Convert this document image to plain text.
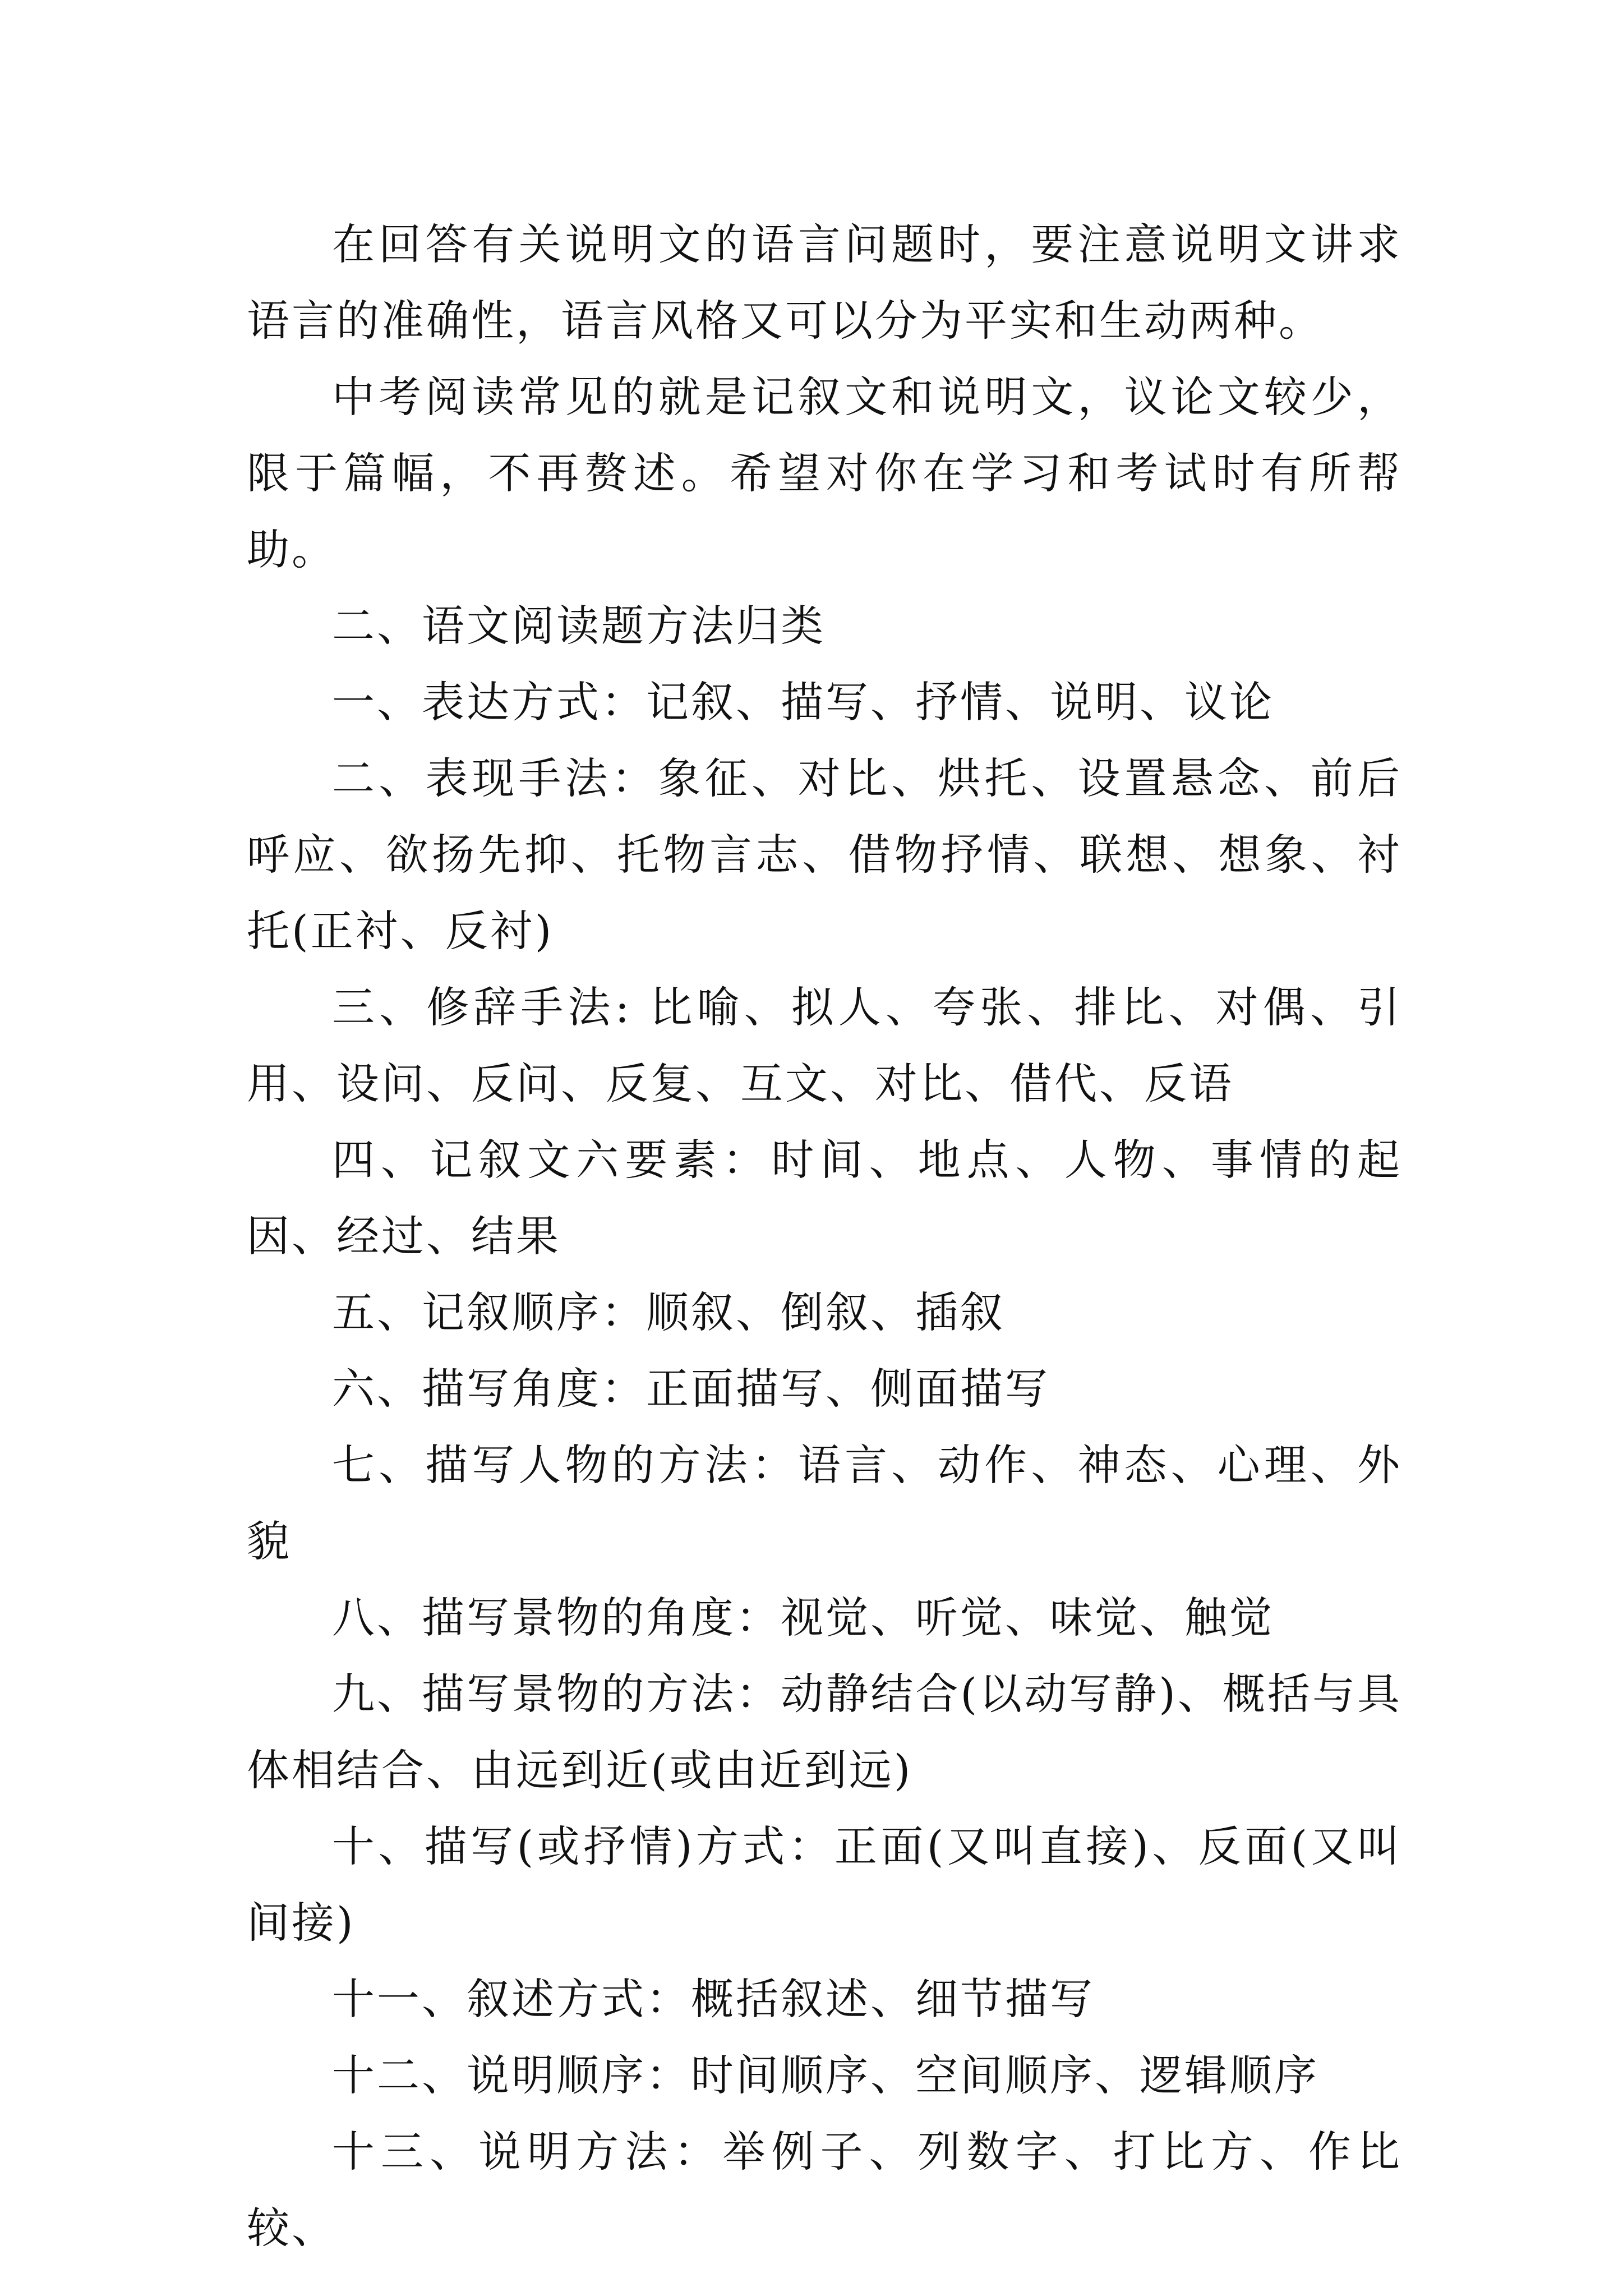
在回答有关说明文的语言问题时，要注意说明文讲求语言的准确性，语言风格又可以分为平实和生动两种。

中考阅读常见的就是记叙文和说明文，议论文较少，限于篇幅，不再赘述。希望对你在学习和考试时有所帮助。

二、语文阅读题方法归类

一、表达方式：记叙、描写、抒情、说明、议论

二、表现手法：象征、对比、烘托、设置悬念、前后呼应、欲扬先抑、托物言志、借物抒情、联想、想象、衬托(正衬、反衬)

三、修辞手法: 比喻、拟人、夸张、排比、对偶、引用、设问、反问、反复、互文、对比、借代、反语

四、记叙文六要素：时间、地点、人物、事情的起因、经过、结果

五、记叙顺序：顺叙、倒叙、插叙

六、描写角度：正面描写、侧面描写

七、描写人物的方法：语言、动作、神态、心理、外貌

八、描写景物的角度：视觉、听觉、味觉、触觉

九、描写景物的方法：动静结合(以动写静)、概括与具体相结合、由远到近(或由近到远)

十、描写(或抒情)方式：正面(又叫直接)、反面(又叫间接)

十一、叙述方式：概括叙述、细节描写

十二、说明顺序：时间顺序、空间顺序、逻辑顺序

十三、说明方法：举例子、列数字、打比方、作比较、
